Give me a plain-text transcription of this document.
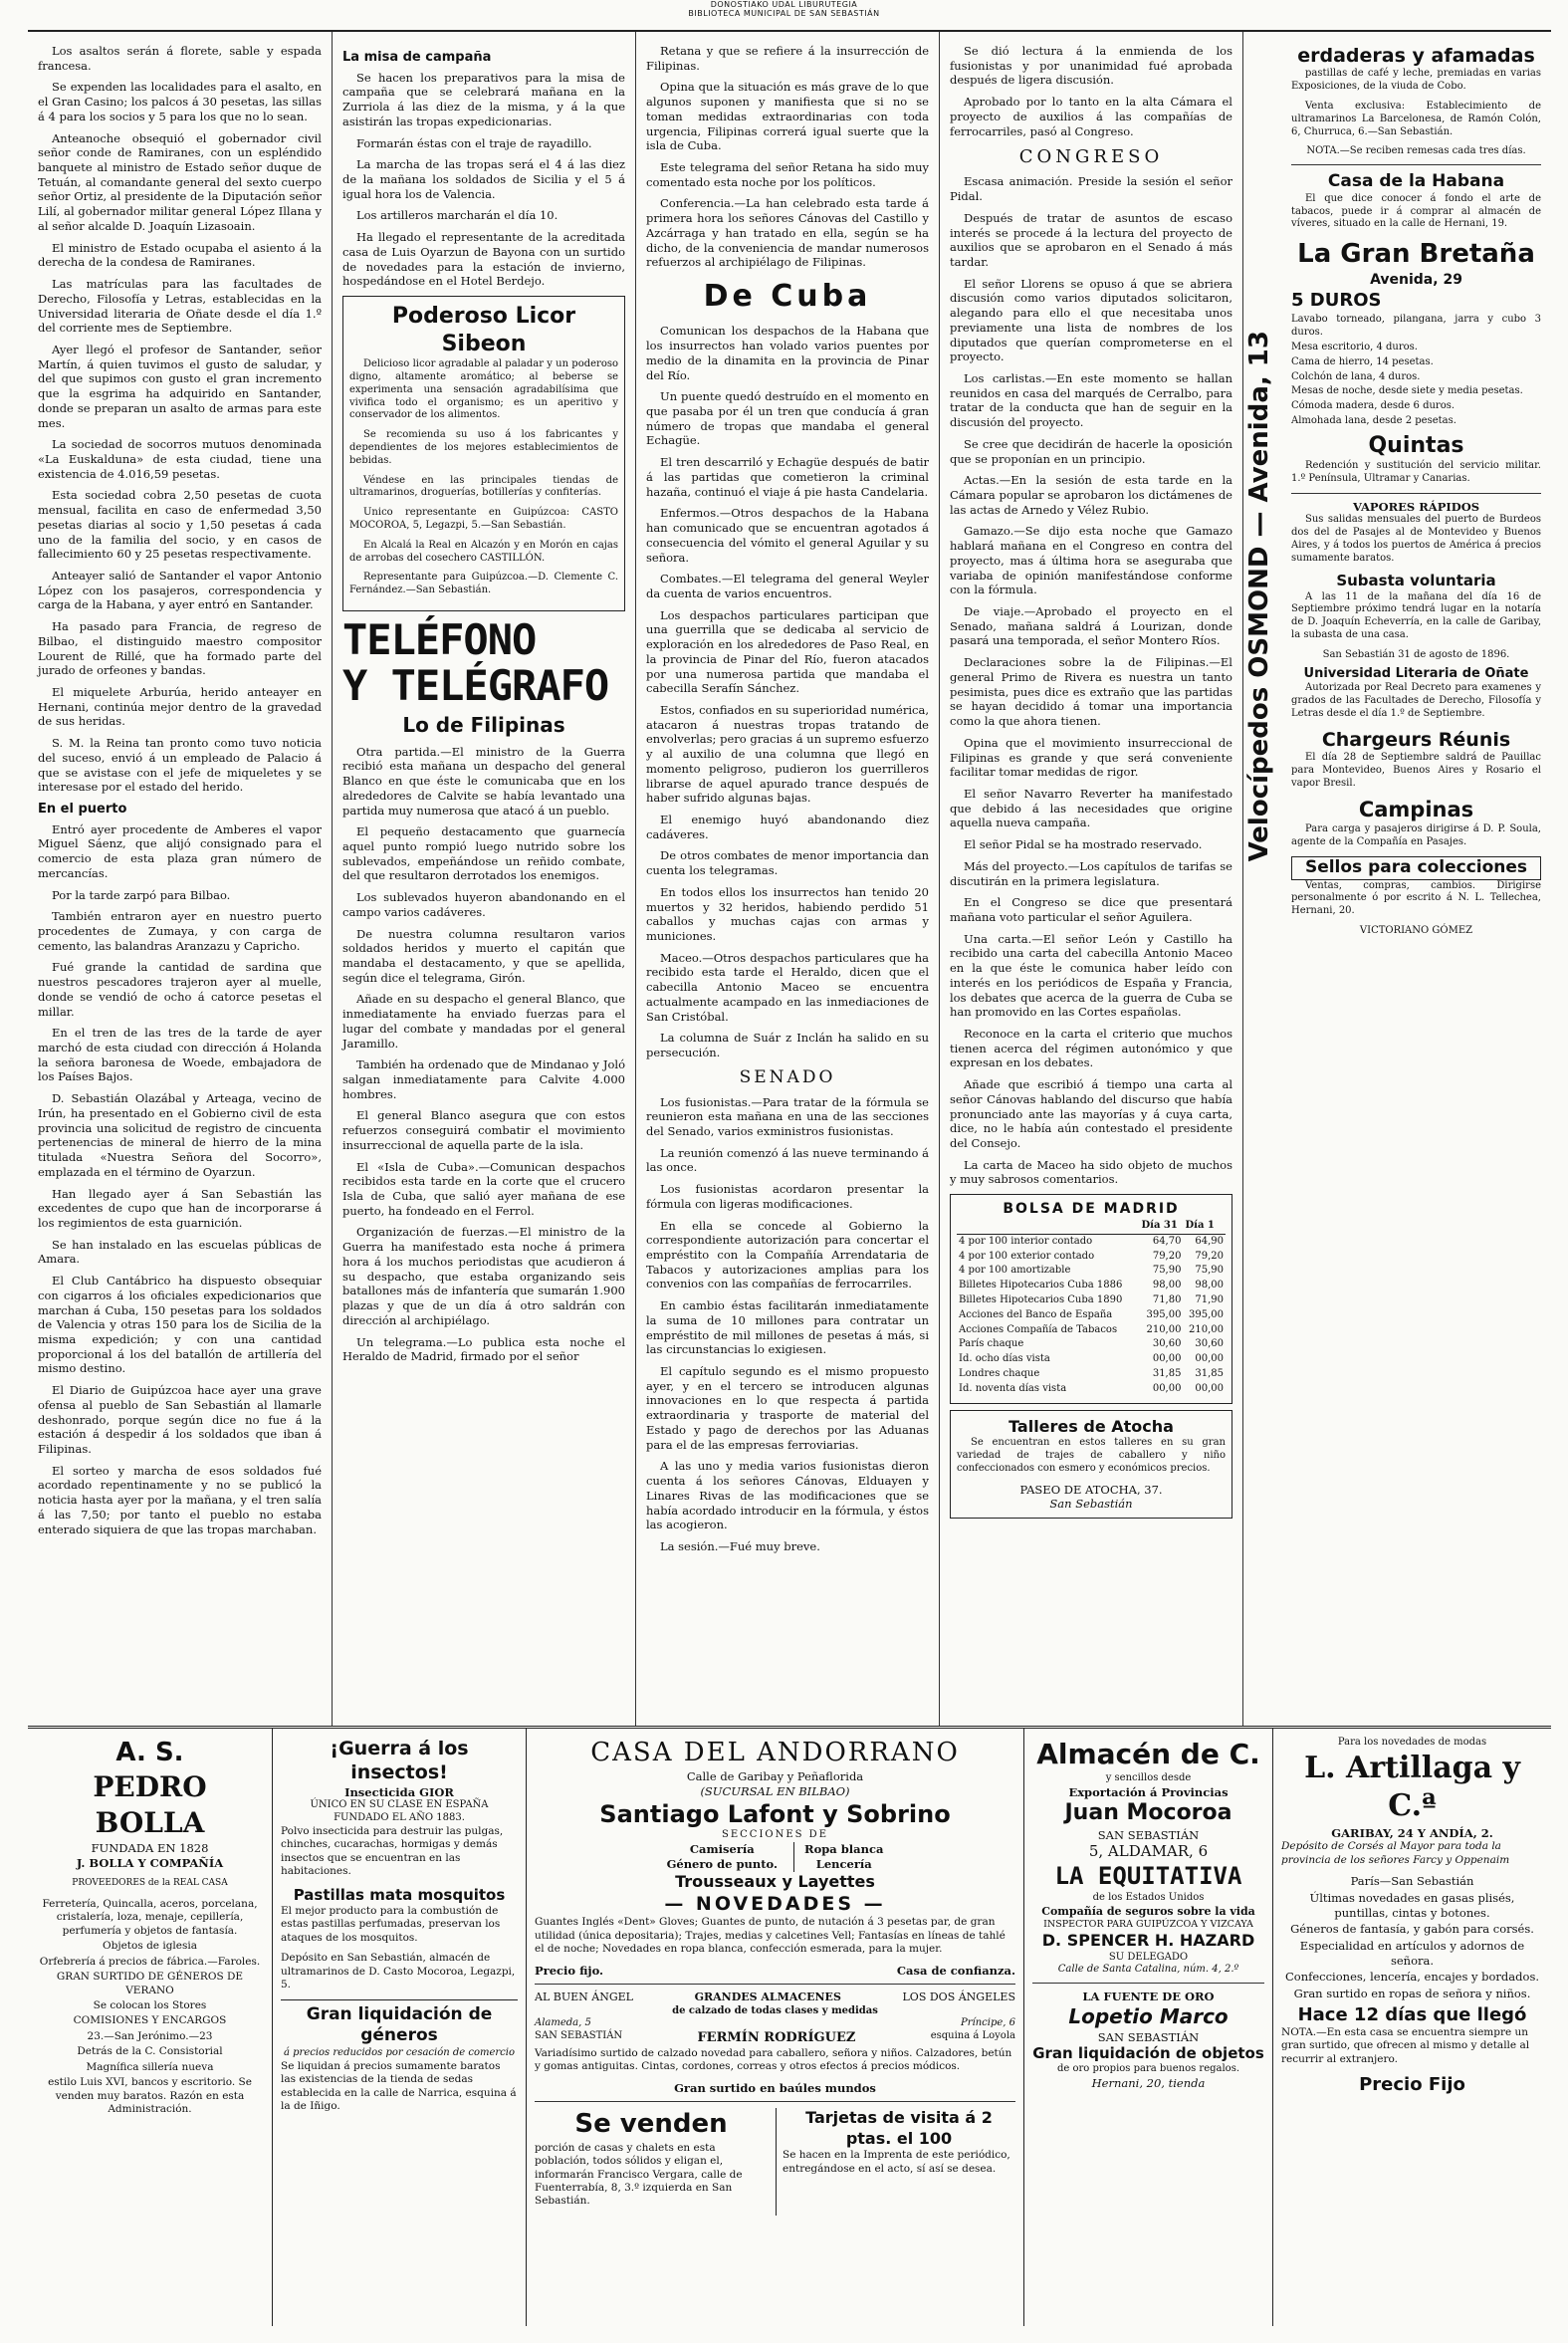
DONOSTIAKO UDAL LIBURUTEGIA
BIBLIOTECA MUNICIPAL DE SAN SEBASTIÁN

Los asaltos serán á florete, sable y espada francesa.

Se expenden las localidades para el asalto, en el Gran Casino; los palcos á 30 pesetas, las sillas á 4 para los socios y 5 para los que no lo sean.

Anteanoche obsequió el gobernador civil señor conde de Ramiranes, con un espléndido banquete al ministro de Estado señor duque de Tetuán, al comandante general del sexto cuerpo señor Ortiz, al presidente de la Diputación señor Lilí, al gobernador militar general López Illana y al señor alcalde D. Joaquín Lizasoain.

El ministro de Estado ocupaba el asiento á la derecha de la condesa de Ramiranes.

Las matrículas para las facultades de Derecho, Filosofía y Letras, establecidas en la Universidad literaria de Oñate desde el día 1.º del corriente mes de Septiembre.

Ayer llegó el profesor de Santander, señor Martín, á quien tuvimos el gusto de saludar, y del que supimos con gusto el gran incremento que la esgrima ha adquirido en Santander, donde se preparan un asalto de armas para este mes.

La sociedad de socorros mutuos denominada «La Euskalduna» de esta ciudad, tiene una existencia de 4.016,59 pesetas.

Esta sociedad cobra 2,50 pesetas de cuota mensual, facilita en caso de enfermedad 3,50 pesetas diarias al socio y 1,50 pesetas á cada uno de la familia del socio, y en casos de fallecimiento 60 y 25 pesetas respectivamente.

Anteayer salió de Santander el vapor Antonio López con los pasajeros, correspondencia y carga de la Habana, y ayer entró en Santander.

Ha pasado para Francia, de regreso de Bilbao, el distinguido maestro compositor Lourent de Rillé, que ha formado parte del jurado de orfeones y bandas.

El miquelete Arburúa, herido anteayer en Hernani, continúa mejor dentro de la gravedad de sus heridas.

S. M. la Reina tan pronto como tuvo noticia del suceso, envió á un empleado de Palacio á que se avistase con el jefe de miqueletes y se interesase por el estado del herido.

En el puerto

Entró ayer procedente de Amberes el vapor Miguel Sáenz, que alijó consignado para el comercio de esta plaza gran número de mercancías.

Por la tarde zarpó para Bilbao.

También entraron ayer en nuestro puerto procedentes de Zumaya, y con carga de cemento, las balandras Aranzazu y Capricho.

Fué grande la cantidad de sardina que nuestros pescadores trajeron ayer al muelle, donde se vendió de ocho á catorce pesetas el millar.

En el tren de las tres de la tarde de ayer marchó de esta ciudad con dirección á Holanda la señora baronesa de Woede, embajadora de los Países Bajos.

D. Sebastián Olazábal y Arteaga, vecino de Irún, ha presentado en el Gobierno civil de esta provincia una solicitud de registro de cincuenta pertenencias de mineral de hierro de la mina titulada «Nuestra Señora del Socorro», emplazada en el término de Oyarzun.

Han llegado ayer á San Sebastián las excedentes de cupo que han de incorporarse á los regimientos de esta guarnición.

Se han instalado en las escuelas públicas de Amara.

El Club Cantábrico ha dispuesto obsequiar con cigarros á los oficiales expedicionarios que marchan á Cuba, 150 pesetas para los soldados de Valencia y otras 150 para los de Sicilia de la misma expedición; y con una cantidad proporcional á los del batallón de artillería del mismo destino.

El Diario de Guipúzcoa hace ayer una grave ofensa al pueblo de San Sebastián al llamarle deshonrado, porque según dice no fue á la estación á despedir á los soldados que iban á Filipinas.

El sorteo y marcha de esos soldados fué acordado repentinamente y no se publicó la noticia hasta ayer por la mañana, y el tren salía á las 7,50; por tanto el pueblo no estaba enterado siquiera de que las tropas marchaban.

La misa de campaña

Se hacen los preparativos para la misa de campaña que se celebrará mañana en la Zurriola á las diez de la misma, y á la que asistirán las tropas expedicionarias.

Formarán éstas con el traje de rayadillo.

La marcha de las tropas será el 4 á las diez de la mañana los soldados de Sicilia y el 5 á igual hora los de Valencia.

Los artilleros marcharán el día 10.

Ha llegado el representante de la acreditada casa de Luis Oyarzun de Bayona con un surtido de novedades para la estación de invierno, hospedándose en el Hotel Berdejo.

Poderoso Licor Sibeon

Delicioso licor agradable al paladar y un poderoso digno, altamente aromático; al beberse se experimenta una sensación agradabilísima que vivifica todo el organismo; es un aperitivo y conservador de los alimentos.

Se recomienda su uso á los fabricantes y dependientes de los mejores establecimientos de bebidas.

Véndese en las principales tiendas de ultramarinos, droguerías, botillerías y confiterías.

Unico representante en Guipúzcoa: CASTO MOCOROA, 5, Legazpi, 5.—San Sebastián.

En Alcalá la Real en Alcazón y en Morón en cajas de arrobas del cosechero CASTILLÓN.

Representante para Guipúzcoa.—D. Clemente C. Fernández.—San Sebastián.

TELÉFONO
Y TELÉGRAFO
Lo de Filipinas

Otra partida.—El ministro de la Guerra recibió esta mañana un despacho del general Blanco en que éste le comunicaba que en los alrededores de Calvite se había levantado una partida muy numerosa que atacó á un pueblo.

El pequeño destacamento que guarnecía aquel punto rompió luego nutrido sobre los sublevados, empeñándose un reñido combate, del que resultaron derrotados los enemigos.

Los sublevados huyeron abandonando en el campo varios cadáveres.

De nuestra columna resultaron varios soldados heridos y muerto el capitán que mandaba el destacamento, y que se apellida, según dice el telegrama, Girón.

Añade en su despacho el general Blanco, que inmediatamente ha enviado fuerzas para el lugar del combate y mandadas por el general Jaramillo.

También ha ordenado que de Mindanao y Joló salgan inmediatamente para Calvite 4.000 hombres.

El general Blanco asegura que con estos refuerzos conseguirá combatir el movimiento insurreccional de aquella parte de la isla.

El «Isla de Cuba».—Comunican despachos recibidos esta tarde en la corte que el crucero Isla de Cuba, que salió ayer mañana de ese puerto, ha fondeado en el Ferrol.

Organización de fuerzas.—El ministro de la Guerra ha manifestado esta noche á primera hora á los muchos periodistas que acudieron á su despacho, que estaba organizando seis batallones más de infantería que sumarán 1.900 plazas y que de un día á otro saldrán con dirección al archipiélago.

Un telegrama.—Lo publica esta noche el Heraldo de Madrid, firmado por el señor

Retana y que se refiere á la insurrección de Filipinas.

Opina que la situación es más grave de lo que algunos suponen y manifiesta que si no se toman medidas extraordinarias con toda urgencia, Filipinas correrá igual suerte que la isla de Cuba.

Este telegrama del señor Retana ha sido muy comentado esta noche por los políticos.

Conferencia.—La han celebrado esta tarde á primera hora los señores Cánovas del Castillo y Azcárraga y han tratado en ella, según se ha dicho, de la conveniencia de mandar numerosos refuerzos al archipiélago de Filipinas.

De Cuba

Comunican los despachos de la Habana que los insurrectos han volado varios puentes por medio de la dinamita en la provincia de Pinar del Río.

Un puente quedó destruído en el momento en que pasaba por él un tren que conducía á gran número de tropas que mandaba el general Echagüe.

El tren descarriló y Echagüe después de batir á las partidas que cometieron la criminal hazaña, continuó el viaje á pie hasta Candelaria.

Enfermos.—Otros despachos de la Habana han comunicado que se encuentran agotados á consecuencia del vómito el general Aguilar y su señora.

Combates.—El telegrama del general Weyler da cuenta de varios encuentros.

Los despachos particulares participan que una guerrilla que se dedicaba al servicio de exploración en los alrededores de Paso Real, en la provincia de Pinar del Río, fueron atacados por una numerosa partida que mandaba el cabecilla Serafín Sánchez.

Estos, confiados en su superioridad numérica, atacaron á nuestras tropas tratando de envolverlas; pero gracias á un supremo esfuerzo y al auxilio de una columna que llegó en momento peligroso, pudieron los guerrilleros librarse de aquel apurado trance después de haber sufrido algunas bajas.

El enemigo huyó abandonando diez cadáveres.

De otros combates de menor importancia dan cuenta los telegramas.

En todos ellos los insurrectos han tenido 20 muertos y 32 heridos, habiendo perdido 51 caballos y muchas cajas con armas y municiones.

Maceo.—Otros despachos particulares que ha recibido esta tarde el Heraldo, dicen que el cabecilla Antonio Maceo se encuentra actualmente acampado en las inmediaciones de San Cristóbal.

La columna de Suár z Inclán ha salido en su persecución.

SENADO

Los fusionistas.—Para tratar de la fórmula se reunieron esta mañana en una de las secciones del Senado, varios exministros fusionistas.

La reunión comenzó á las nueve terminando á las once.

Los fusionistas acordaron presentar la fórmula con ligeras modificaciones.

En ella se concede al Gobierno la correspondiente autorización para concertar el empréstito con la Compañía Arrendataria de Tabacos y autorizaciones amplias para los convenios con las compañías de ferrocarriles.

En cambio éstas facilitarán inmediatamente la suma de 10 millones para contratar un empréstito de mil millones de pesetas á más, si las circunstancias lo exigiesen.

El capítulo segundo es el mismo propuesto ayer, y en el tercero se introducen algunas innovaciones en lo que respecta á partida extraordinaria y trasporte de material del Estado y pago de derechos por las Aduanas para el de las empresas ferroviarias.

A las uno y media varios fusionistas dieron cuenta á los señores Cánovas, Elduayen y Linares Rivas de las modificaciones que se había acordado introducir en la fórmula, y éstos las acogieron.

La sesión.—Fué muy breve.

Se dió lectura á la enmienda de los fusionistas y por unanimidad fué aprobada después de ligera discusión.

Aprobado por lo tanto en la alta Cámara el proyecto de auxilios á las compañías de ferrocarriles, pasó al Congreso.

CONGRESO

Escasa animación. Preside la sesión el señor Pidal.

Después de tratar de asuntos de escaso interés se procede á la lectura del proyecto de auxilios que se aprobaron en el Senado á más tardar.

El señor Llorens se opuso á que se abriera discusión como varios diputados solicitaron, alegando para ello el que necesitaba unos previamente una lista de nombres de los diputados que querían comprometerse en el proyecto.

Los carlistas.—En este momento se hallan reunidos en casa del marqués de Cerralbo, para tratar de la conducta que han de seguir en la discusión del proyecto.

Se cree que decidirán de hacerle la oposición que se proponían en un principio.

Actas.—En la sesión de esta tarde en la Cámara popular se aprobaron los dictámenes de las actas de Arnedo y Vélez Rubio.

Gamazo.—Se dijo esta noche que Gamazo hablará mañana en el Congreso en contra del proyecto, mas á última hora se aseguraba que variaba de opinión manifestándose conforme con la fórmula.

De viaje.—Aprobado el proyecto en el Senado, mañana saldrá á Lourizan, donde pasará una temporada, el señor Montero Ríos.

Declaraciones sobre la de Filipinas.—El general Primo de Rivera es nuestra un tanto pesimista, pues dice es extraño que las partidas se hayan decidido á tomar una importancia como la que ahora tienen.

Opina que el movimiento insurreccional de Filipinas es grande y que será conveniente facilitar tomar medidas de rigor.

El señor Navarro Reverter ha manifestado que debido á las necesidades que origine aquella nueva campaña.

El señor Pidal se ha mostrado reservado.

Más del proyecto.—Los capítulos de tarifas se discutirán en la primera legislatura.

En el Congreso se dice que presentará mañana voto particular el señor Aguilera.

Una carta.—El señor León y Castillo ha recibido una carta del cabecilla Antonio Maceo en la que éste le comunica haber leído con interés en los periódicos de España y Francia, los debates que acerca de la guerra de Cuba se han promovido en las Cortes españolas.

Reconoce en la carta el criterio que muchos tienen acerca del régimen autonómico y que expresan en los debates.

Añade que escribió á tiempo una carta al señor Cánovas hablando del discurso que había pronunciado ante las mayorías y á cuya carta, dice, no le había aún contestado el presidente del Consejo.

La carta de Maceo ha sido objeto de muchos y muy sabrosos comentarios.

BOLSA DE MADRID
	Día 31	Día 1
4 por 100 interior contado	64,70	64,90
4 por 100 exterior contado	79,20	79,20
4 por 100 amortizable	75,90	75,90
Billetes Hipotecarios Cuba 1886	98,00	98,00
Billetes Hipotecarios Cuba 1890	71,80	71,90
Acciones del Banco de España	395,00	395,00
Acciones Compañía de Tabacos	210,00	210,00
París chaque	30,60	30,60
Id. ocho días vista	00,00	00,00
Londres chaque	31,85	31,85
Id. noventa días vista	00,00	00,00
Talleres de Atocha

Se encuentran en estos talleres en su gran variedad de trajes de caballero y niño confeccionados con esmero y económicos precios.

PASEO DE ATOCHA, 37.
San Sebastián
Velocípedos OSMOND — Avenida, 13
erdaderas y afamadas

pastillas de café y leche, premiadas en varias Exposiciones, de la viuda de Cobo.

Venta exclusiva: Establecimiento de ultramarinos La Barcelonesa, de Ramón Colón, 6, Churruca, 6.—San Sebastián.

NOTA.—Se reciben remesas cada tres días.
Casa de la Habana

El que dice conocer á fondo el arte de tabacos, puede ir á comprar al almacén de víveres, situado en la calle de Hernani, 19.

La Gran Bretaña
Avenida, 29
5 DUROS
Lavabo torneado, pilangana, jarra y cubo 3 duros.
Mesa escritorio, 4 duros.
Cama de hierro, 14 pesetas.
Colchón de lana, 4 duros.
Mesas de noche, desde siete y media pesetas.
Cómoda madera, desde 6 duros.
Almohada lana, desde 2 pesetas.
Quintas

Redención y sustitución del servicio militar. 1.º Península, Ultramar y Canarias.

VAPORES RÁPIDOS

Sus salidas mensuales del puerto de Burdeos dos del de Pasajes al de Montevideo y Buenos Aires, y á todos los puertos de América á precios sumamente baratos.

Subasta voluntaria

A las 11 de la mañana del día 16 de Septiembre próximo tendrá lugar en la notaría de D. Joaquín Echeverría, en la calle de Garibay, la subasta de una casa.

San Sebastián 31 de agosto de 1896.
Universidad Literaria de Oñate

Autorizada por Real Decreto para examenes y grados de las Facultades de Derecho, Filosofía y Letras desde el día 1.º de Septiembre.

Chargeurs Réunis

El día 28 de Septiembre saldrá de Pauillac para Montevideo, Buenos Aires y Rosario el vapor Bresil.

Campinas

Para carga y pasajeros dirigirse á D. P. Soula, agente de la Compañía en Pasajes.

Sellos para colecciones

Ventas, compras, cambios. Dirigirse personalmente ó por escrito á N. L. Tellechea, Hernani, 20.

VICTORIANO GÓMEZ
A. S.
PEDRO BOLLA
FUNDADA EN 1828
J. BOLLA Y COMPAÑÍA
PROVEEDORES de la REAL CASA
Ferretería, Quincalla, aceros, porcelana, cristalería, loza, menaje, cepillería, perfumería y objetos de fantasía.
Objetos de iglesia
Orfebrería á precios de fábrica.—Faroles.
GRAN SURTIDO DE GÉNEROS DE VERANO
Se colocan los Stores
COMISIONES Y ENCARGOS
23.—San Jerónimo.—23
Detrás de la C. Consistorial
Magnífica sillería nueva
estilo Luis XVI, bancos y escritorio. Se venden muy baratos. Razón en esta Administración.
¡Guerra á los insectos!
Insecticida GIOR
ÚNICO EN SU CLASE EN ESPAÑA
FUNDADO EL AÑO 1883.

Polvo insecticida para destruir las pulgas, chinches, cucarachas, hormigas y demás insectos que se encuentran en las habitaciones.

Pastillas mata mosquitos

El mejor producto para la combustión de estas pastillas perfumadas, preservan los ataques de los mosquitos.

Depósito en San Sebastián, almacén de ultramarinos de D. Casto Mocoroa, Legazpi, 5.

Gran liquidación de géneros
á precios reducidos por cesación de comercio

Se liquidan á precios sumamente baratos las existencias de la tienda de sedas establecida en la calle de Narrica, esquina á la de Iñigo.

CASA DEL ANDORRANO
Calle de Garibay y Peñaflorida
(SUCURSAL EN BILBAO)
Santiago Lafont y Sobrino
SECCIONES DE
Camisería
Género de punto.
Ropa blanca
Lencería
Trousseaux y Layettes
— NOVEDADES —

Guantes Inglés «Dent» Gloves; Guantes de punto, de nutación á 3 pesetas par, de gran utilidad (única depositaria); Trajes, medias y calcetines Vell; Fantasías en líneas de tahlé el de noche; Novedades en ropa blanca, confección esmerada, para la mujer.

Precio fijo.	Casa de confianza.
AL BUEN ÁNGEL	GRANDES ALMACENES	LOS DOS ÁNGELES
de calzado de todas clases y medidas
Alameda, 5	Príncipe, 6
SAN SEBASTIÁN	FERMÍN RODRÍGUEZ	esquina á Loyola

Variadísimo surtido de calzado novedad para caballero, señora y niños. Calzadores, betún y gomas antiguitas. Cintas, cordones, correas y otros efectos á precios módicos.

Gran surtido en baúles mundos
Se venden

porción de casas y chalets en esta población, todos sólidos y eligan el, informarán Francisco Vergara, calle de Fuenterrabía, 8, 3.º izquierda en San Sebastián.

Tarjetas de visita á 2 ptas. el 100

Se hacen en la Imprenta de este periódico, entregándose en el acto, sí así se desea.

Almacén de C.
y sencillos desde
Exportación á Provincias
Juan Mocoroa
SAN SEBASTIÁN
5, ALDAMAR, 6
LA EQUITATIVA
de los Estados Unidos
Compañía de seguros sobre la vida
INSPECTOR PARA GUIPÚZCOA Y VIZCAYA
D. SPENCER H. HAZARD
SU DELEGADO
Calle de Santa Catalina, núm. 4, 2.º
LA FUENTE DE ORO
Lopetio Marco
SAN SEBASTIÁN
Gran liquidación de objetos
de oro propios para buenos regalos.
Hernani, 20, tienda
Para los novedades de modas
L. Artillaga y C.ª
GARIBAY, 24 Y ANDÍA, 2.

Depósito de Corsés al Mayor para toda la provincia de los señores Farcy y Oppenaim

París—San Sebastián
Últimas novedades en gasas plisés, puntillas, cintas y botones.
Géneros de fantasía, y gabón para corsés.
Especialidad en artículos y adornos de señora.
Confecciones, lencería, encajes y bordados.
Gran surtido en ropas de señora y niños.
Hace 12 días que llegó

NOTA.—En esta casa se encuentra siempre un gran surtido, que ofrecen al mismo y detalle al recurrir al extranjero.

Precio Fijo
